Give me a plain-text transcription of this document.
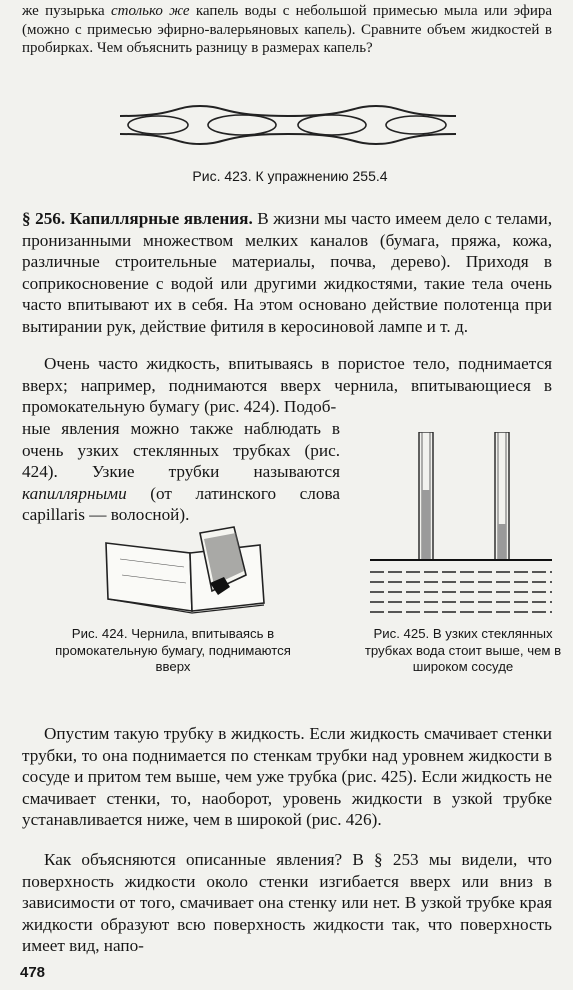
же пузырька столько же капель воды с небольшой примесью мыла или эфира (можно с примесью эфирно-валерьяновых капель). Сравните объем жидкостей в пробирках. Чем объяснить разницу в размерах капель?

Рис. 423. К упражнению 255.4

§ 256. Капиллярные явления. В жизни мы часто имеем дело с телами, пронизанными множеством мелких каналов (бумага, пряжа, кожа, различные строительные материалы, почва, дерево). Приходя в соприкосновение с водой или другими жидкостями, такие тела очень часто впитывают их в себя. На этом основано действие полотенца при вытирании рук, действие фитиля в керосиновой лампе и т. д.

Очень часто жидкость, впитываясь в пористое тело, поднимается вверх; например, поднимаются вверх чернила, впитывающиеся в промокательную бумагу (рис. 424). Подоб-

ные явления можно также наблюдать в очень узких стеклянных трубках (рис. 424). Узкие трубки называются капиллярными (от латинского слова capillaris — волосной).

Рис. 424. Чернила, впитываясь в промокательную бумагу, поднимаются вверх

Рис. 425. В узких стеклянных трубках вода стоит выше, чем в широком сосуде

Опустим такую трубку в жидкость. Если жидкость смачивает стенки трубки, то она поднимается по стенкам трубки над уровнем жидкости в сосуде и притом тем выше, чем уже трубка (рис. 425). Если жидкость не смачивает стенки, то, наоборот, уровень жидкости в узкой трубке устанавливается ниже, чем в широкой (рис. 426).

Как объясняются описанные явления? В § 253 мы видели, что поверхность жидкости около стенки изгибается вверх или вниз в зависимости от того, смачивает она стенку или нет. В узкой трубке края жидкости образуют всю поверхность жидкости так, что поверхность имеет вид, напо-

478
